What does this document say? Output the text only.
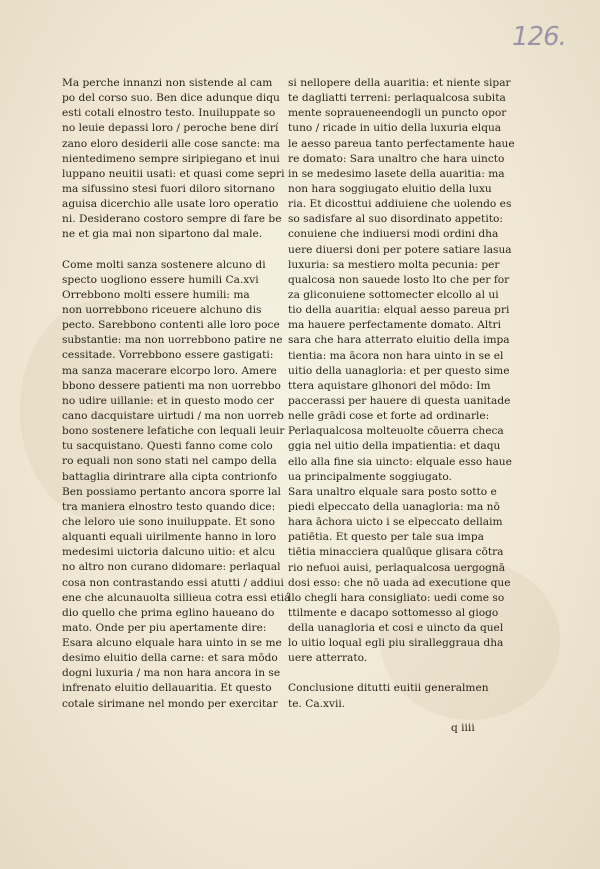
126.
Ma perche innanzi non sistende al cam
po del corso suo. Ben dice adunque diqu
esti cotali elnostro testo. Inuiluppate so
no leuie depassi loro / peroche bene dirí
zano eloro desiderii alle cose sancte: ma
nientedimeno sempre siripiegano et inui
luppano neuitii usati: et quasi come sepri
ma sifussino stesi fuori diloro sitornano
aguisa dicerchio alle usate loro operatio
ni. Desiderano costoro sempre di fare be
ne et gia mai non sipartono dal male.
Come molti sanza sostenere alcuno di
specto uogliono essere humili Ca.xvi
Orrebbono molti essere humili: ma
non uorrebbono riceuere alchuno dis
pecto. Sarebbono contenti alle loro poce
substantie: ma non uorrebbono patire ne
cessitade. Vorrebbono essere gastigati:
ma sanza macerare elcorpo loro. Amere
bbono dessere patienti ma non uorrebbo
no udire uillanie: et in questo modo cer
cano dacquistare uirtudi / ma non uorreb
bono sostenere lefatiche con lequali leuir
tu sacquistano. Questi fanno come colo
ro equali non sono stati nel campo della
battaglia dirintrare alla cipta contrionfo
Ben possiamo pertanto ancora sporre lal
tra maniera elnostro testo quando dice:
che leloro uie sono inuiluppate. Et sono
alquanti equali uirilmente hanno in loro
medesimi uictoria dalcuno uitio: et alcu
no altro non curano didomare: perlaqual
cosa non contrastando essi atutti / addiui
ene che alcunauolta sillieua cotra essi etiá
dio quello che prima eglino haueano do
mato. Onde per piu apertamente dire:
Esara alcuno elquale hara uinto in se me
desimo eluitio della carne: et sara mōdo
dogni luxuria / ma non hara ancora in se
infrenato eluitio dellauaritia. Et questo
cotale sirimane nel mondo per exercitar
si nellopere della auaritia: et niente sipar
te dagliatti terreni: perlaqualcosa subita
mente sopraueneendogli un puncto opor
tuno / ricade in uitio della luxuria elqua
le aesso pareua tanto perfectamente haue
re domato: Sara unaltro che hara uincto
in se medesimo lasete della auaritia: ma
non hara soggiugato eluitio della luxu
ria. Et dicosttui addiuiene che uolendo es
so sadisfare al suo disordinato appetito:
conuiene che indiuersi modi ordini dha
uere diuersi doni per potere satiare lasua
luxuria: sa mestiero molta pecunia: per
qualcosa non sauede losto lto che per for
za gliconuiene sottomecter elcollo al ui
tio della auaritia: elqual aesso pareua pri
ma hauere perfectamente domato. Altri
sara che hara atterrato eluitio della impa
tientia: ma ācora non hara uinto in se el
uitio della uanagloria: et per questo sime
ttera aquistare glhonori del mōdo: Im
paccerassi per hauere di questa uanitade
nelle grādi cose et forte ad ordinarle:
Perlaqualcosa molteuolte cōuerra checa
ggia nel uitio della impatientia: et daqu
ello alla fine sia uincto: elquale esso haue
ua principalmente soggiugato.
Sara unaltro elquale sara posto sotto e
piedi elpeccato della uanagloria: ma nō
hara āchora uicto i se elpeccato dellaim
patiētia. Et questo per tale sua impa
tiētia minacciera qualūque glisara cōtra
rio nefuoi auisi, perlaqualcosa uergognā
dosi esso: che nō uada ad executione que
llo chegli hara consigliato: uedi come so
ttilmente e dacapo sottomesso al giogo
della uanagloria et cosi e uincto da quel
lo uitio loqual egli piu siralleggraua dha
uere atterrato.
Conclusione ditutti euitii generalmen
te. Ca.xvii.
q iiii
